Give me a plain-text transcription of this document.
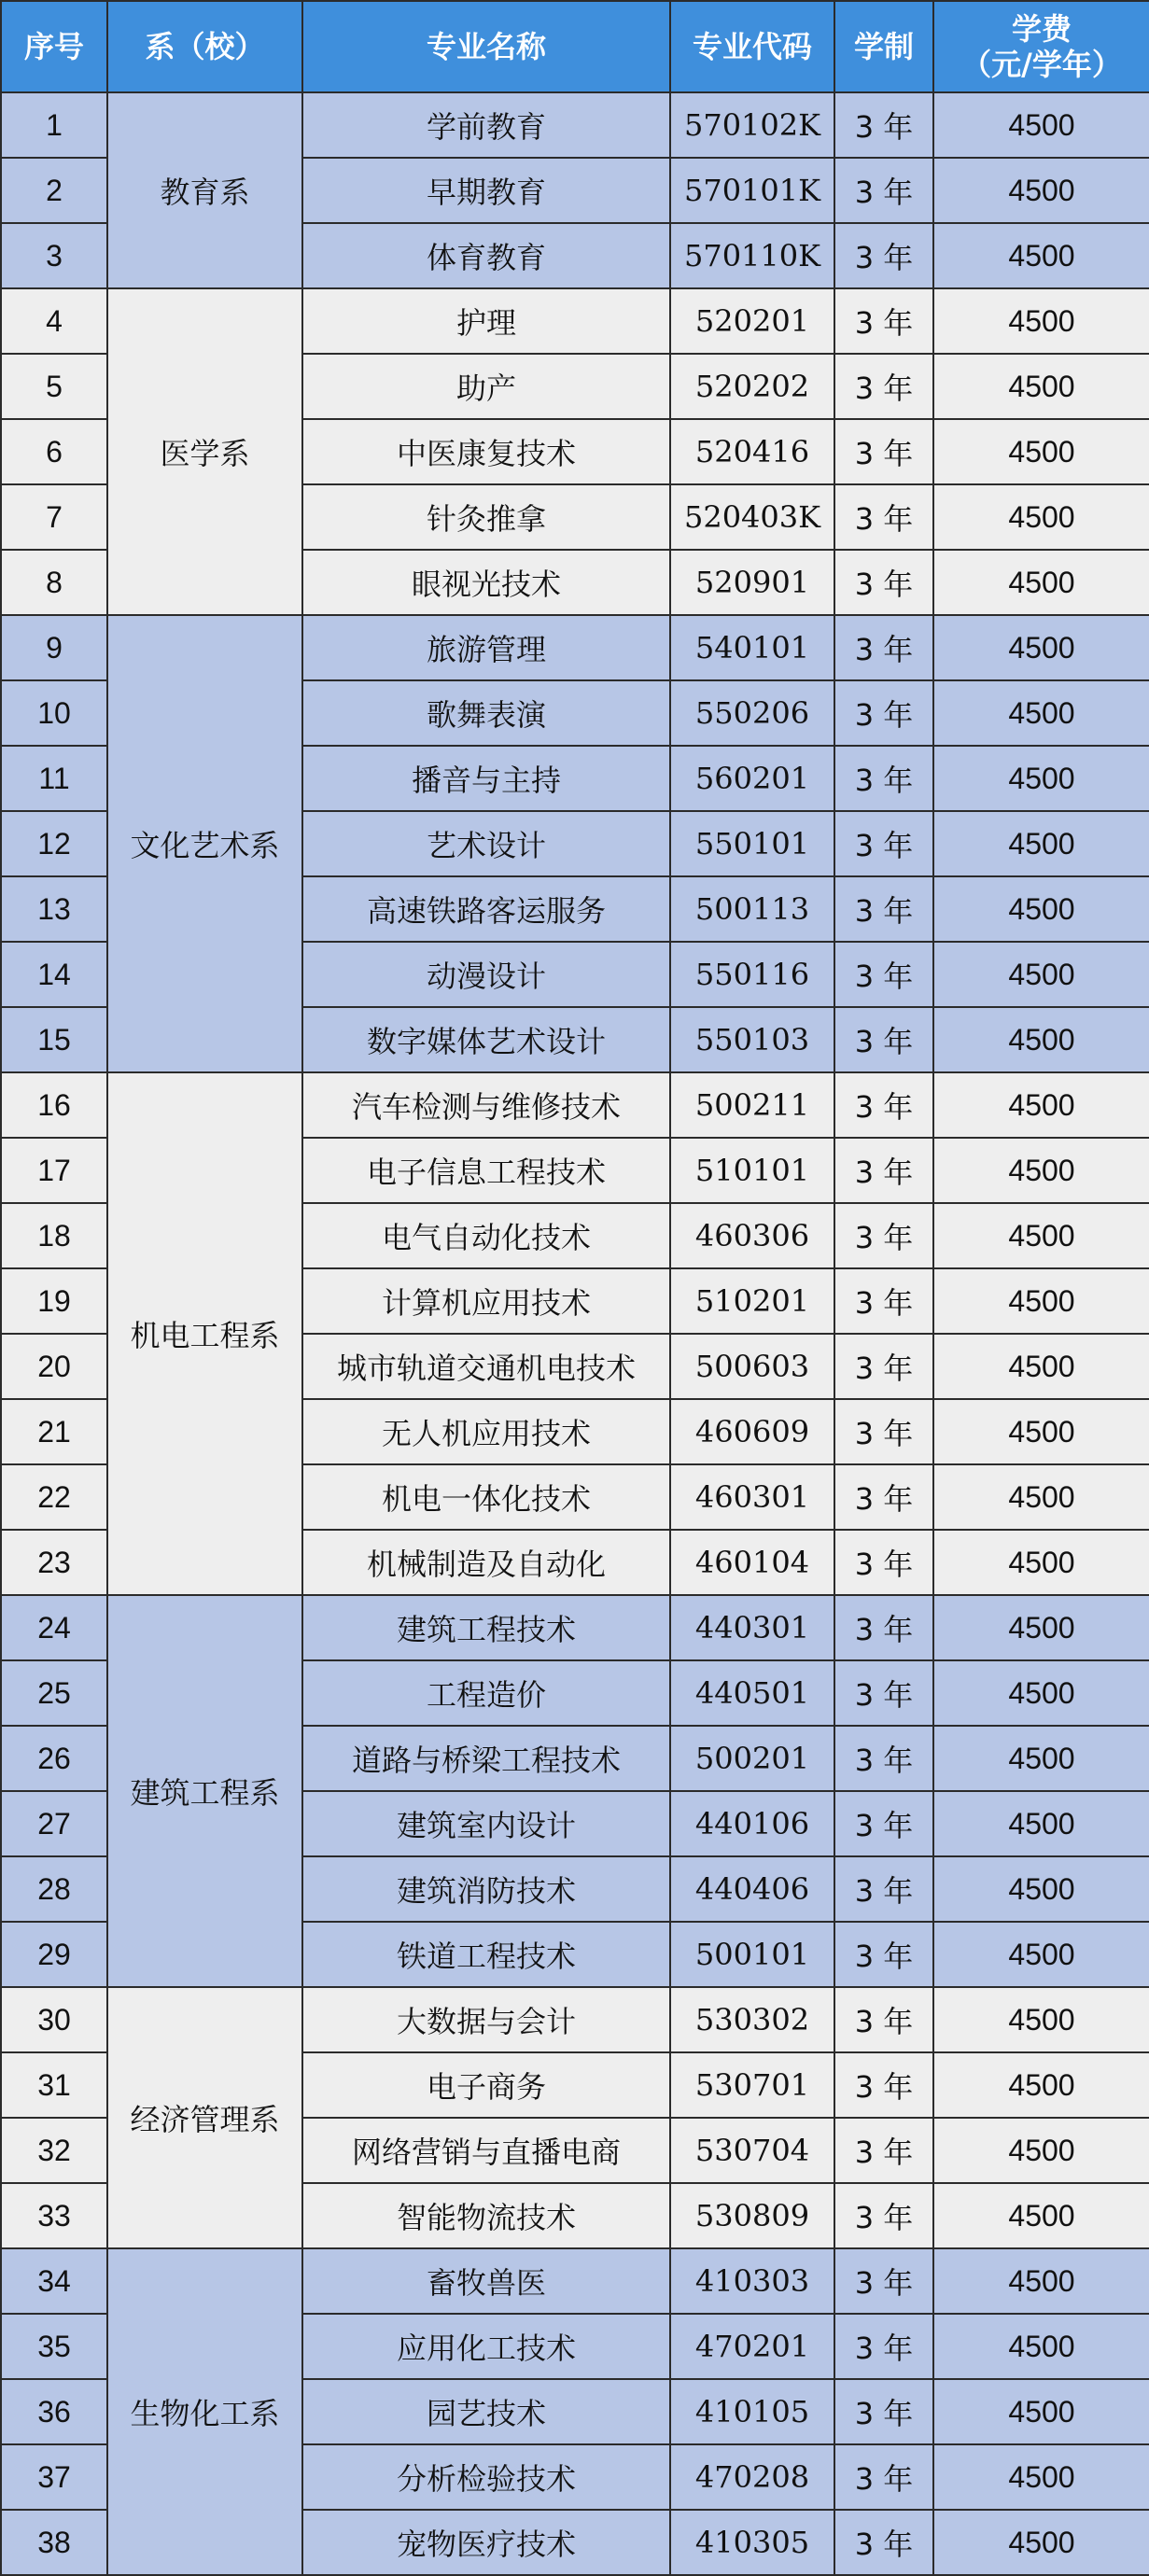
序号	系（校）	专业名称	专业代码	学制	学费
（元/学年）

1	教育系	学前教育	570102K	3 年	4500
2		早期教育	570101K	3 年	4500
3		体育教育	570110K	3 年	4500
4	医学系	护理	520201	3 年	4500
5		助产	520202	3 年	4500
6		中医康复技术	520416	3 年	4500
7		针灸推拿	520403K	3 年	4500
8		眼视光技术	520901	3 年	4500
9	文化艺术系	旅游管理	540101	3 年	4500
10		歌舞表演	550206	3 年	4500
11		播音与主持	560201	3 年	4500
12		艺术设计	550101	3 年	4500
13		高速铁路客运服务	500113	3 年	4500
14		动漫设计	550116	3 年	4500
15		数字媒体艺术设计	550103	3 年	4500
16	机电工程系	汽车检测与维修技术	500211	3 年	4500
17		电子信息工程技术	510101	3 年	4500
18		电气自动化技术	460306	3 年	4500
19		计算机应用技术	510201	3 年	4500
20		城市轨道交通机电技术	500603	3 年	4500
21		无人机应用技术	460609	3 年	4500
22		机电一体化技术	460301	3 年	4500
23		机械制造及自动化	460104	3 年	4500
24	建筑工程系	建筑工程技术	440301	3 年	4500
25		工程造价	440501	3 年	4500
26		道路与桥梁工程技术	500201	3 年	4500
27		建筑室内设计	440106	3 年	4500
28		建筑消防技术	440406	3 年	4500
29		铁道工程技术	500101	3 年	4500
30	经济管理系	大数据与会计	530302	3 年	4500
31		电子商务	530701	3 年	4500
32		网络营销与直播电商	530704	3 年	4500
33		智能物流技术	530809	3 年	4500
34	生物化工系	畜牧兽医	410303	3 年	4500
35		应用化工技术	470201	3 年	4500
36		园艺技术	410105	3 年	4500
37		分析检验技术	470208	3 年	4500
38		宠物医疗技术	410305	3 年	4500
